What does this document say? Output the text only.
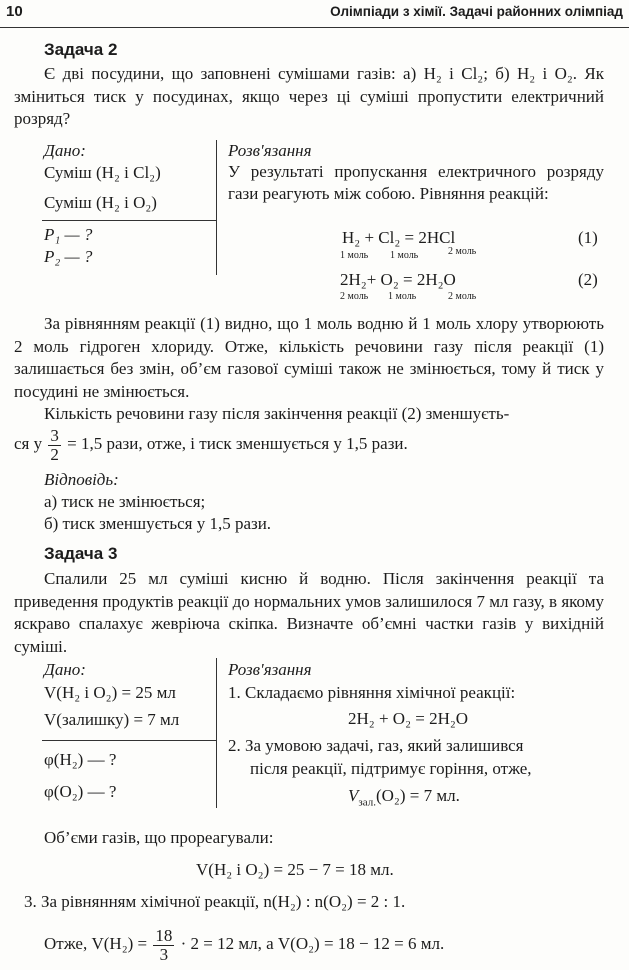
10	Олімпіади з хімії. Задачі районних олімпіад
Задача 2
Є дві посудини, що заповнені сумішами газів: а) H₂ і Cl₂; б) H₂ і O₂. Як зміниться тиск у посудинах, якщо через ці суміші пропустити електричний розряд?
Дано:
Суміш (H₂ і Cl₂)
Суміш (H₂ і O₂)
P₁ — ?
P₂ — ?
Розв'язання
У результаті пропускання електричного розряду гази реагують між собою. Рівняння реакцій:
H₂ + Cl₂ = 2HCl
1 моль 1 моль	2 моль
(1)
2H₂+ O₂ = 2H₂O
2 моль 1 моль	2 моль
(2)
За рівнянням реакції (1) видно, що 1 моль водню й 1 моль хлору утворюють 2 моль гідроген хлориду. Отже, кількість речовини газу після реакції (1) залишається без змін, об’єм газової суміші також не змінюється, тому й тиск у посудині не змінюється.
Кількість речовини газу після закінчення реакції (2) зменшуєть-
ся у $\frac{3}{2} = 1,5$ рази, отже, і тиск зменшується у 1,5 рази.
Відповідь:
а) тиск не змінюється;
б) тиск зменшується у 1,5 рази.
Задача 3
Спалили 25 мл суміші кисню й водню. Після закінчення реакції та приведення продуктів реакції до нормальних умов залишилося 7 мл газу, в якому яскраво спалахує жевріюча скіпка. Визначте об’ємні частки газів у вихідній суміші.
Дано:
V(H₂ і O₂) = 25 мл
V(залишку) = 7 мл
φ(H₂) — ?
φ(O₂) — ?
Розв'язання
1. Складаємо рівняння хімічної реакції:
2H₂ + O₂ = 2H₂O
2. За умовою задачі, газ, який залишився
після реакції, підтримує горіння, отже,
$V_{зал.}(O_2) = 7$ мл.
Об’єми газів, що прореагували:
V(H₂ і O₂) = 25 − 7 = 18 мл.
3. За рівнянням хімічної реакції, n(H₂) : n(O₂) = 2 : 1.
Отже, $V(H_2) = \frac{18}{3} \cdot 2 = 12$ мл, а V(O₂) = 18 − 12 = 6 мл.
